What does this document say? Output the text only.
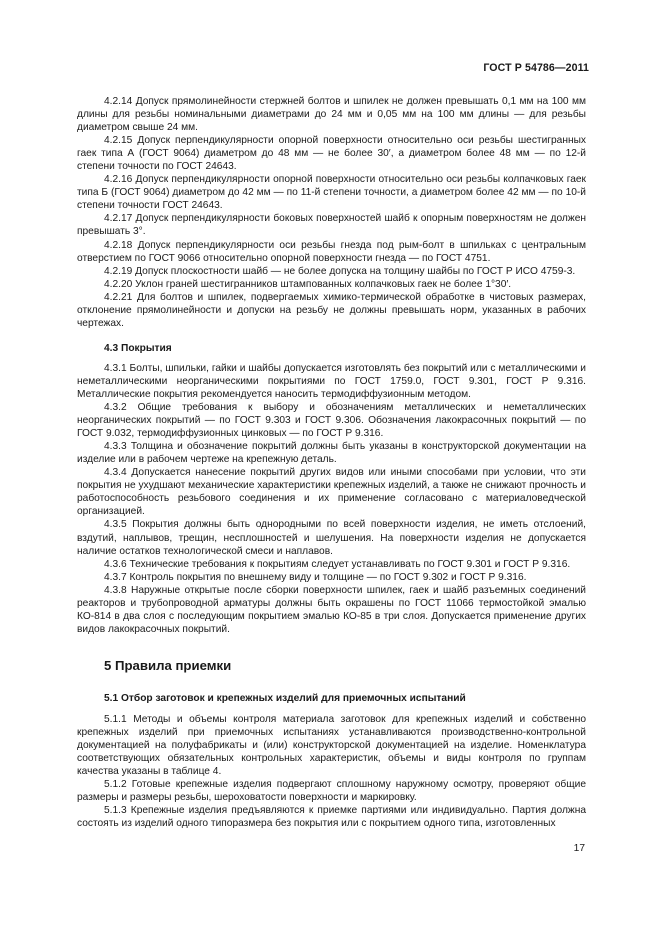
ГОСТ Р 54786—2011

4.2.14 Допуск прямолинейности стержней болтов и шпилек не должен превышать 0,1 мм на 100 мм длины для резьбы номинальными диаметрами до 24 мм и 0,05 мм на 100 мм длины — для резьбы диаметром свыше 24 мм.

4.2.15 Допуск перпендикулярности опорной поверхности относительно оси резьбы шестигранных гаек типа А (ГОСТ 9064) диаметром до 48 мм — не более 30′, а диаметром более 48 мм — по 12-й степени точности по ГОСТ 24643.

4.2.16 Допуск перпендикулярности опорной поверхности относительно оси резьбы колпачковых гаек типа Б (ГОСТ 9064) диаметром до 42 мм — по 11-й степени точности, а диаметром более 42 мм — по 10-й степени точности ГОСТ 24643.

4.2.17 Допуск перпендикулярности боковых поверхностей шайб к опорным поверхностям не должен превышать 3°.

4.2.18 Допуск перпендикулярности оси резьбы гнезда под рым-болт в шпильках с центральным отверстием по ГОСТ 9066 относительно опорной поверхности гнезда — по ГОСТ 4751.

4.2.19 Допуск плоскостности шайб — не более допуска на толщину шайбы по ГОСТ Р ИСО 4759-3.

4.2.20 Уклон граней шестигранников штампованных колпачковых гаек не более 1°30′.

4.2.21 Для болтов и шпилек, подвергаемых химико-термической обработке в чистовых размерах, отклонение прямолинейности и допуски на резьбу не должны превышать норм, указанных в рабочих чертежах.

4.3 Покрытия

4.3.1 Болты, шпильки, гайки и шайбы допускается изготовлять без покрытий или с металлическими и неметаллическими неорганическими покрытиями по ГОСТ 1759.0, ГОСТ 9.301, ГОСТ Р 9.316. Металлические покрытия рекомендуется наносить термодиффузионным методом.

4.3.2 Общие требования к выбору и обозначениям металлических и неметаллических неорганических покрытий — по ГОСТ 9.303 и ГОСТ 9.306. Обозначения лакокрасочных покрытий — по ГОСТ 9.032, термодиффузионных цинковых — по ГОСТ Р 9.316.

4.3.3 Толщина и обозначение покрытий должны быть указаны в конструкторской документации на изделие или в рабочем чертеже на крепежную деталь.

4.3.4 Допускается нанесение покрытий других видов или иными способами при условии, что эти покрытия не ухудшают механические характеристики крепежных изделий, а также не снижают прочность и работоспособность резьбового соединения и их применение согласовано с материаловедческой организацией.

4.3.5 Покрытия должны быть однородными по всей поверхности изделия, не иметь отслоений, вздутий, наплывов, трещин, несплошностей и шелушения. На поверхности изделия не допускается наличие остатков технологической смеси и наплавов.

4.3.6 Технические требования к покрытиям следует устанавливать по ГОСТ 9.301 и ГОСТ Р 9.316.

4.3.7 Контроль покрытия по внешнему виду и толщине — по ГОСТ 9.302 и ГОСТ Р 9.316.

4.3.8 Наружные открытые после сборки поверхности шпилек, гаек и шайб разъемных соединений реакторов и трубопроводной арматуры должны быть окрашены по ГОСТ 11066 термостойкой эмалью КО-814 в два слоя с последующим покрытием эмалью КО-85 в три слоя. Допускается применение других видов лакокрасочных покрытий.

5 Правила приемки

5.1 Отбор заготовок и крепежных изделий для приемочных испытаний

5.1.1 Методы и объемы контроля материала заготовок для крепежных изделий и собственно крепежных изделий при приемочных испытаниях устанавливаются производственно-контрольной документацией на полуфабрикаты и (или) конструкторской документацией на изделие. Номенклатура соответствующих обязательных контрольных характеристик, объемы и виды контроля по группам качества указаны в таблице 4.

5.1.2 Готовые крепежные изделия подвергают сплошному наружному осмотру, проверяют общие размеры и размеры резьбы, шероховатости поверхности и маркировку.

5.1.3 Крепежные изделия предъявляются к приемке партиями или индивидуально. Партия должна состоять из изделий одного типоразмера без покрытия или с покрытием одного типа, изготовленных

17
